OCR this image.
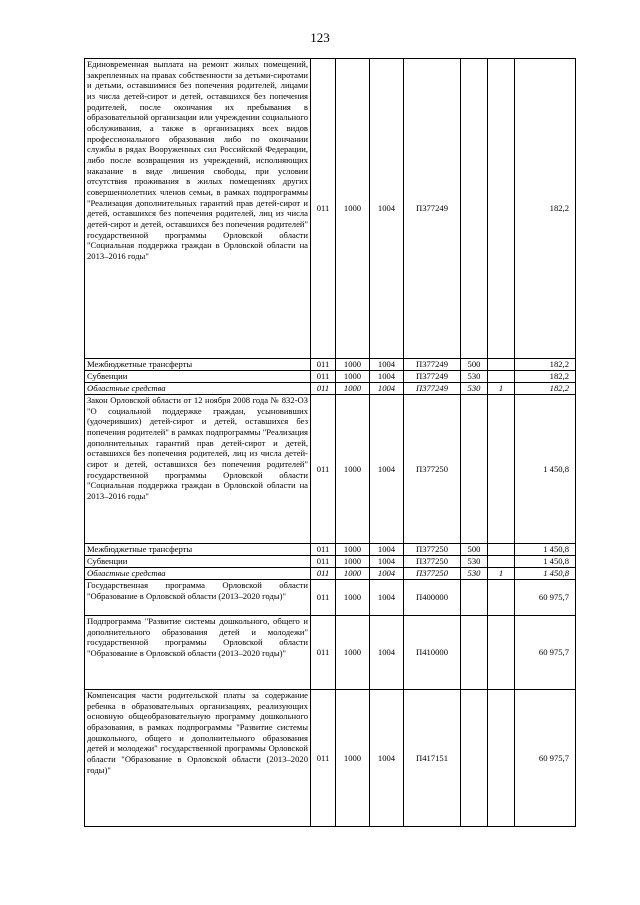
123
Единовременная выплата на ремонт жилых помещений, закрепленных на правах собственности за детьми-сиротами и детьми, оставшимися без попечения родителей, лицами из числа детей-сирот и детей, оставшихся без попечения родителей, после окончания их пребывания в образовательной организации или учреждении социального обслуживания, а также в организациях всех видов профессионального образования либо по окончании службы в рядах Вооруженных сил Российской Федерации, либо после возвращения из учреждений, исполняющих наказание в виде лишения свободы, при условии отсутствия проживания в жилых помещениях других совершеннолетних членов семьи, в рамках подпрограммы "Реализация дополнительных гарантий прав детей-сирот и детей, оставшихся без попечения родителей, лиц из числа детей-сирот и детей, оставшихся без попечения родителей" государственной программы Орловской области "Социальная поддержка граждан в Орловской области на 2013–2016 годы"	011	1000	1004	П377249			182,2
Межбюджетные трансферты	011	1000	1004	П377249	500		182,2
Субвенции	011	1000	1004	П377249	530		182,2
Областные средства	011	1000	1004	П377249	530	1	182,2
Закон Орловской области от 12 ноября 2008 года № 832-ОЗ "О социальной поддержке граждан, усыновивших (удочеривших) детей-сирот и детей, оставшихся без попечения родителей" в рамках подпрограммы "Реализация дополнительных гарантий прав детей-сирот и детей, оставшихся без попечения родителей, лиц из числа детей-сирот и детей, оставшихся без попечения родителей" государственной программы Орловской области "Социальная поддержка граждан в Орловской области на 2013–2016 годы"	011	1000	1004	П377250			1 450,8
Межбюджетные трансферты	011	1000	1004	П377250	500		1 450,8
Субвенции	011	1000	1004	П377250	530		1 450,8
Областные средства	011	1000	1004	П377250	530	1	1 450,8
Государственная программа Орловской области "Образование в Орловской области (2013–2020 годы)"	011	1000	1004	П400000			60 975,7
Подпрограмма "Развитие системы дошкольного, общего и дополнительного образования детей и молодежи" государственной программы Орловской области "Образование в Орловской области (2013–2020 годы)"	011	1000	1004	П410000			60 975,7
Компенсация части родительской платы за содержание ребенка в образовательных организациях, реализующих основную общеобразовательную программу дошкольного образования, в рамках подпрограммы "Развитие системы дошкольного, общего и дополнительного образования детей и молодежи" государственной программы Орловской области "Образование в Орловской области (2013–2020 годы)"	011	1000	1004	П417151			60 975,7
